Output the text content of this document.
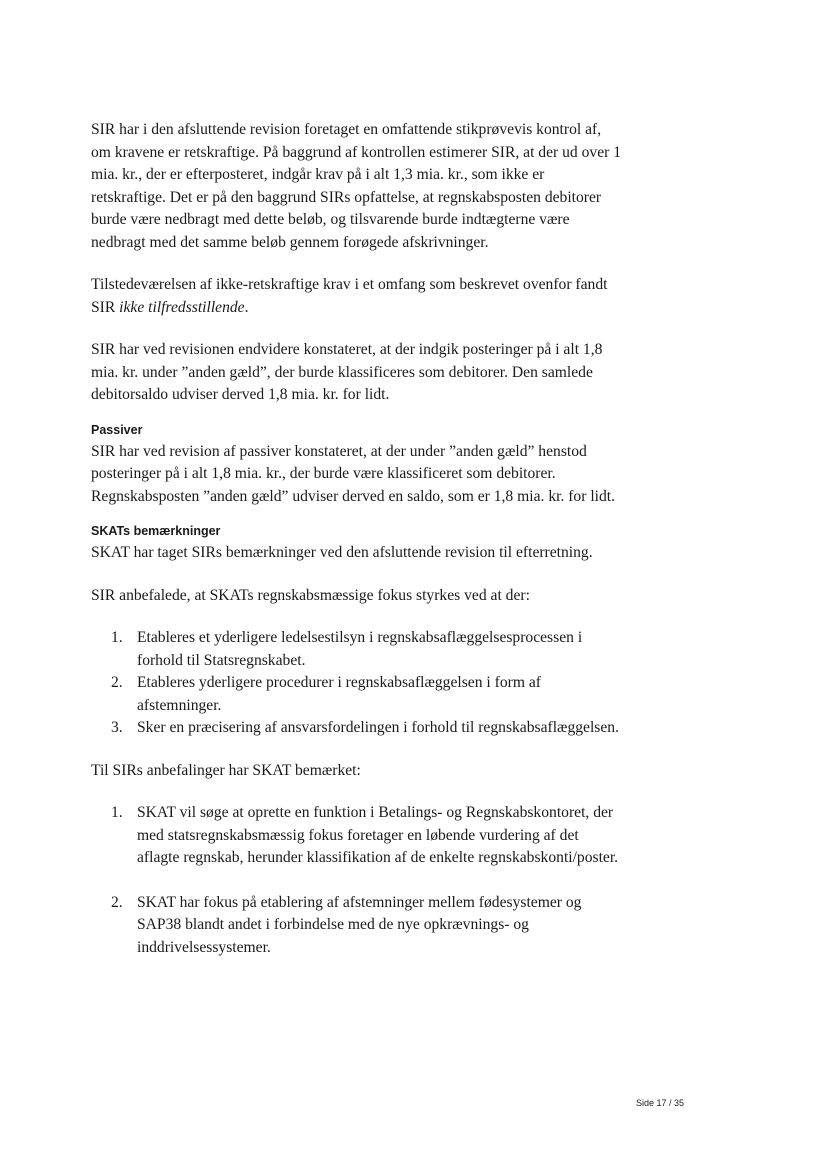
SIR har i den afsluttende revision foretaget en omfattende stikprøvevis kontrol af, om kravene er retskraftige. På baggrund af kontrollen estimerer SIR, at der ud over 1 mia. kr., der er efterposteret, indgår krav på i alt 1,3 mia. kr., som ikke er retskraftige. Det er på den baggrund SIRs opfattelse, at regnskabsposten debitorer burde være nedbragt med dette beløb, og tilsvarende burde indtægterne være nedbragt med det samme beløb gennem forøgede afskrivninger.

Tilstedeværelsen af ikke-retskraftige krav i et omfang som beskrevet ovenfor fandt SIR ikke tilfredsstillende.

SIR har ved revisionen endvidere konstateret, at der indgik posteringer på i alt 1,8 mia. kr. under ”anden gæld”, der burde klassificeres som debitorer. Den samlede debitorsaldo udviser derved 1,8 mia. kr. for lidt.

Passiver

SIR har ved revision af passiver konstateret, at der under ”anden gæld” henstod posteringer på i alt 1,8 mia. kr., der burde være klassificeret som debitorer. Regnskabsposten ”anden gæld” udviser derved en saldo, som er 1,8 mia. kr. for lidt.

SKATs bemærkninger

SKAT har taget SIRs bemærkninger ved den afsluttende revision til efterretning.

SIR anbefalede, at SKATs regnskabsmæssige fokus styrkes ved at der:

1. Etableres et yderligere ledelsestilsyn i regnskabsaflæggelsesprocessen i forhold til Statsregnskabet.
2. Etableres yderligere procedurer i regnskabsaflæggelsen i form af afstemninger.
3. Sker en præcisering af ansvarsfordelingen i forhold til regnskabsaflæggelsen.

Til SIRs anbefalinger har SKAT bemærket:

1. SKAT vil søge at oprette en funktion i Betalings- og Regnskabskontoret, der med statsregnskabsmæssig fokus foretager en løbende vurdering af det aflagte regnskab, herunder klassifikation af de enkelte regnskabskonti/poster.
2. SKAT har fokus på etablering af afstemninger mellem fødesystemer og SAP38 blandt andet i forbindelse med de nye opkrævnings- og inddrivelsessystemer.
Side 17 / 35
